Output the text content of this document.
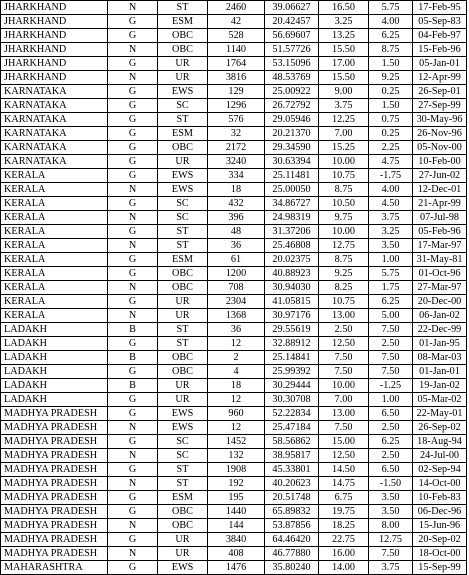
JHARKHAND	N	ST	2460	39.06627	16.50	5.75	17-Feb-95
JHARKHAND	G	ESM	42	20.42457	3.25	4.00	05-Sep-83
JHARKHAND	G	OBC	528	56.69607	13.25	6.25	04-Feb-97
JHARKHAND	N	OBC	1140	51.57726	15.50	8.75	15-Feb-96
JHARKHAND	G	UR	1764	53.15096	17.00	1.50	05-Jan-01
JHARKHAND	N	UR	3816	48.53769	15.50	9.25	12-Apr-99
KARNATAKA	G	EWS	129	25.00922	9.00	0.25	26-Sep-01
KARNATAKA	G	SC	1296	26.72792	3.75	1.50	27-Sep-99
KARNATAKA	G	ST	576	29.05946	12.25	0.75	30-May-96
KARNATAKA	G	ESM	32	20.21370	7.00	0.25	26-Nov-96
KARNATAKA	G	OBC	2172	29.34590	15.25	2.25	05-Nov-00
KARNATAKA	G	UR	3240	30.63394	10.00	4.75	10-Feb-00
KERALA	G	EWS	334	25.11481	10.75	-1.75	27-Jun-02
KERALA	N	EWS	18	25.00050	8.75	4.00	12-Dec-01
KERALA	G	SC	432	34.86727	10.50	4.50	21-Apr-99
KERALA	N	SC	396	24.98319	9.75	3.75	07-Jul-98
KERALA	G	ST	48	31.37206	10.00	3.25	05-Feb-96
KERALA	N	ST	36	25.46808	12.75	3.50	17-Mar-97
KERALA	G	ESM	61	20.02375	8.75	1.00	31-May-81
KERALA	G	OBC	1200	40.88923	9.25	5.75	01-Oct-96
KERALA	N	OBC	708	30.94030	8.25	1.75	27-Mar-97
KERALA	G	UR	2304	41.05815	10.75	6.25	20-Dec-00
KERALA	N	UR	1368	30.97176	13.00	5.00	06-Jan-02
LADAKH	B	ST	36	29.55619	2.50	7.50	22-Dec-99
LADAKH	G	ST	12	32.88912	12.50	2.50	01-Jan-95
LADAKH	B	OBC	2	25.14841	7.50	7.50	08-Mar-03
LADAKH	G	OBC	4	25.99392	7.50	7.50	01-Jan-01
LADAKH	B	UR	18	30.29444	10.00	-1.25	19-Jan-02
LADAKH	G	UR	12	30.30708	7.00	1.00	05-Mar-02
MADHYA PRADESH	G	EWS	960	52.22834	13.00	6.50	22-May-01
MADHYA PRADESH	N	EWS	12	25.47184	7.50	2.50	26-Sep-02
MADHYA PRADESH	G	SC	1452	58.56862	15.00	6.25	18-Aug-94
MADHYA PRADESH	N	SC	132	38.95817	12.50	2.50	24-Jul-00
MADHYA PRADESH	G	ST	1908	45.33801	14.50	6.50	02-Sep-94
MADHYA PRADESH	N	ST	192	40.20623	14.75	-1.50	14-Oct-00
MADHYA PRADESH	G	ESM	195	20.51748	6.75	3.50	10-Feb-83
MADHYA PRADESH	G	OBC	1440	65.89832	19.75	3.50	06-Dec-96
MADHYA PRADESH	N	OBC	144	53.87856	18.25	8.00	15-Jun-96
MADHYA PRADESH	G	UR	3840	64.46420	22.75	12.75	20-Sep-02
MADHYA PRADESH	N	UR	408	46.77880	16.00	7.50	18-Oct-00
MAHARASHTRA	G	EWS	1476	35.80240	14.00	3.75	15-Sep-99
